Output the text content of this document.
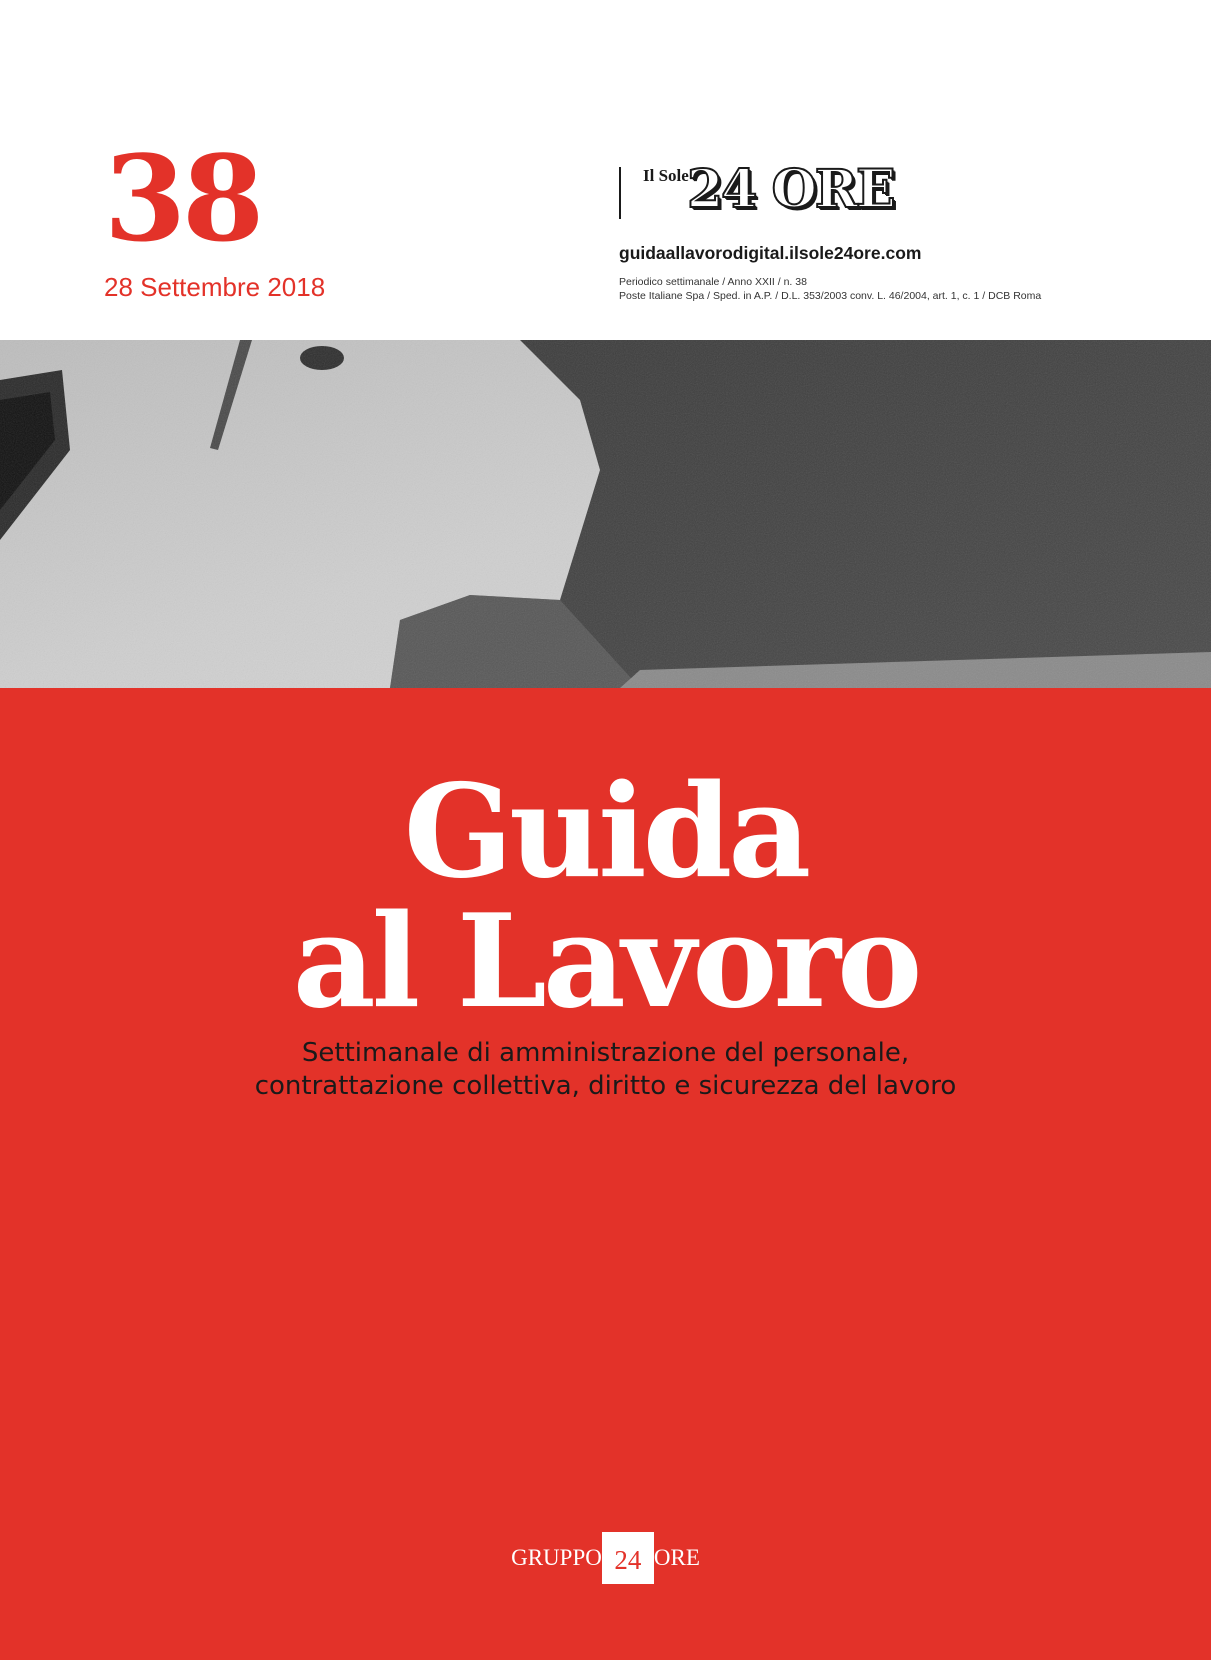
38
28 Settembre 2018
Il Sole
24 ORE
guidaallavorodigital.ilsole24ore.com
Periodico settimanale / Anno XXII / n. 38
Poste Italiane Spa / Sped. in A.P. / D.L. 353/2003 conv. L. 46/2004, art. 1, c. 1 / DCB Roma
Guida
al Lavoro
Settimanale di amministrazione del personale,
contrattazione collettiva, diritto e sicurezza del lavoro
GRUPPO 24 ORE
